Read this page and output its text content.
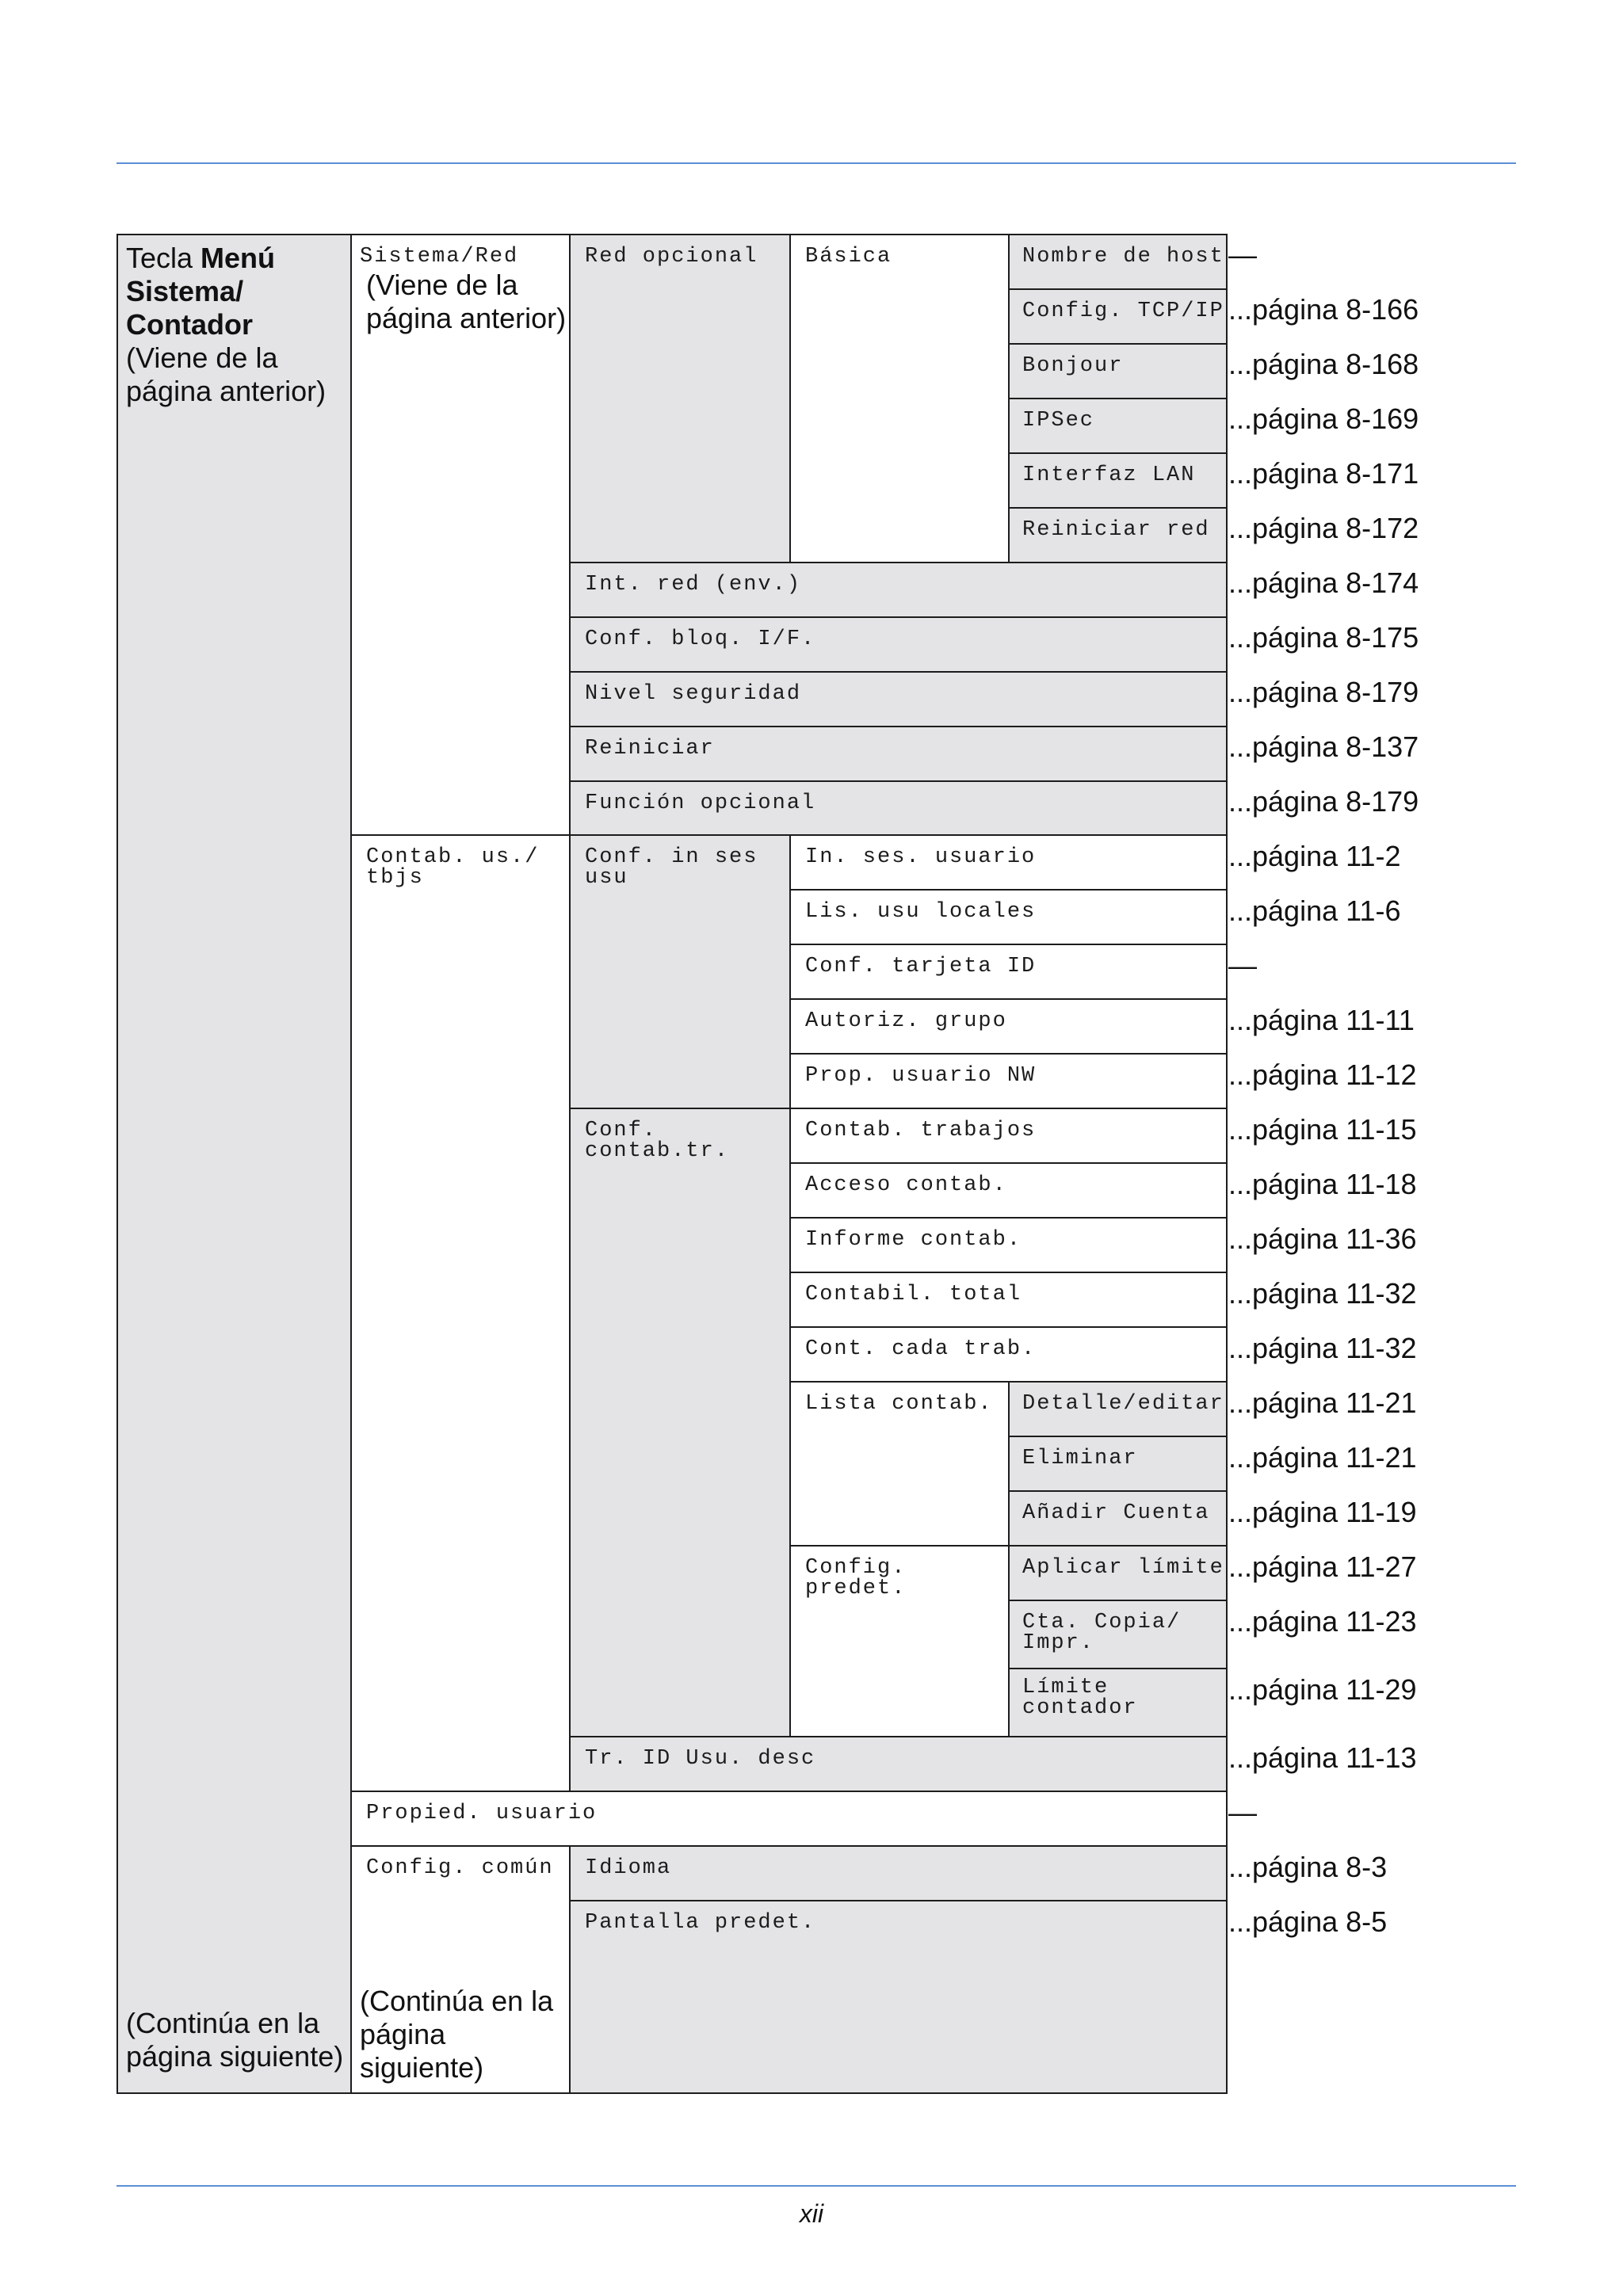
Tecla Menú
Sistema/
Contador
(Viene de la
página anterior)
(Continúa en la
página siguiente)
Sistema/Red
(Viene de la
página anterior)
Contab. us./
tbjs
Propied. usuario
Config. común
(Continúa en la
página
siguiente)
Red opcional
Int. red (env.)
Conf. bloq. I/F.
Nivel seguridad
Reiniciar
Función opcional
Conf. in ses
usu
Conf.
contab.tr.
Tr. ID Usu. desc
Idioma
Pantalla predet.
Básica
In. ses. usuario
Lis. usu locales
Conf. tarjeta ID
Autoriz. grupo
Prop. usuario NW
Contab. trabajos
Acceso contab.
Informe contab.
Contabil. total
Cont. cada trab.
Lista contab.
Config.
predet.
Nombre de host
Config. TCP/IP
Bonjour
IPSec
Interfaz LAN
Reiniciar red
Detalle/editar
Eliminar
Añadir Cuenta
Aplicar límite
Cta. Copia/
Impr.
Límite
contador
—
...página 8-166
...página 8-168
...página 8-169
...página 8-171
...página 8-172
...página 8-174
...página 8-175
...página 8-179
...página 8-137
...página 8-179
...página 11-2
...página 11-6
—
...página 11-11
...página 11-12
...página 11-15
...página 11-18
...página 11-36
...página 11-32
...página 11-32
...página 11-21
...página 11-21
...página 11-19
...página 11-27
...página 11-23
...página 11-29
...página 11-13
—
...página 8-3
...página 8-5
xii
